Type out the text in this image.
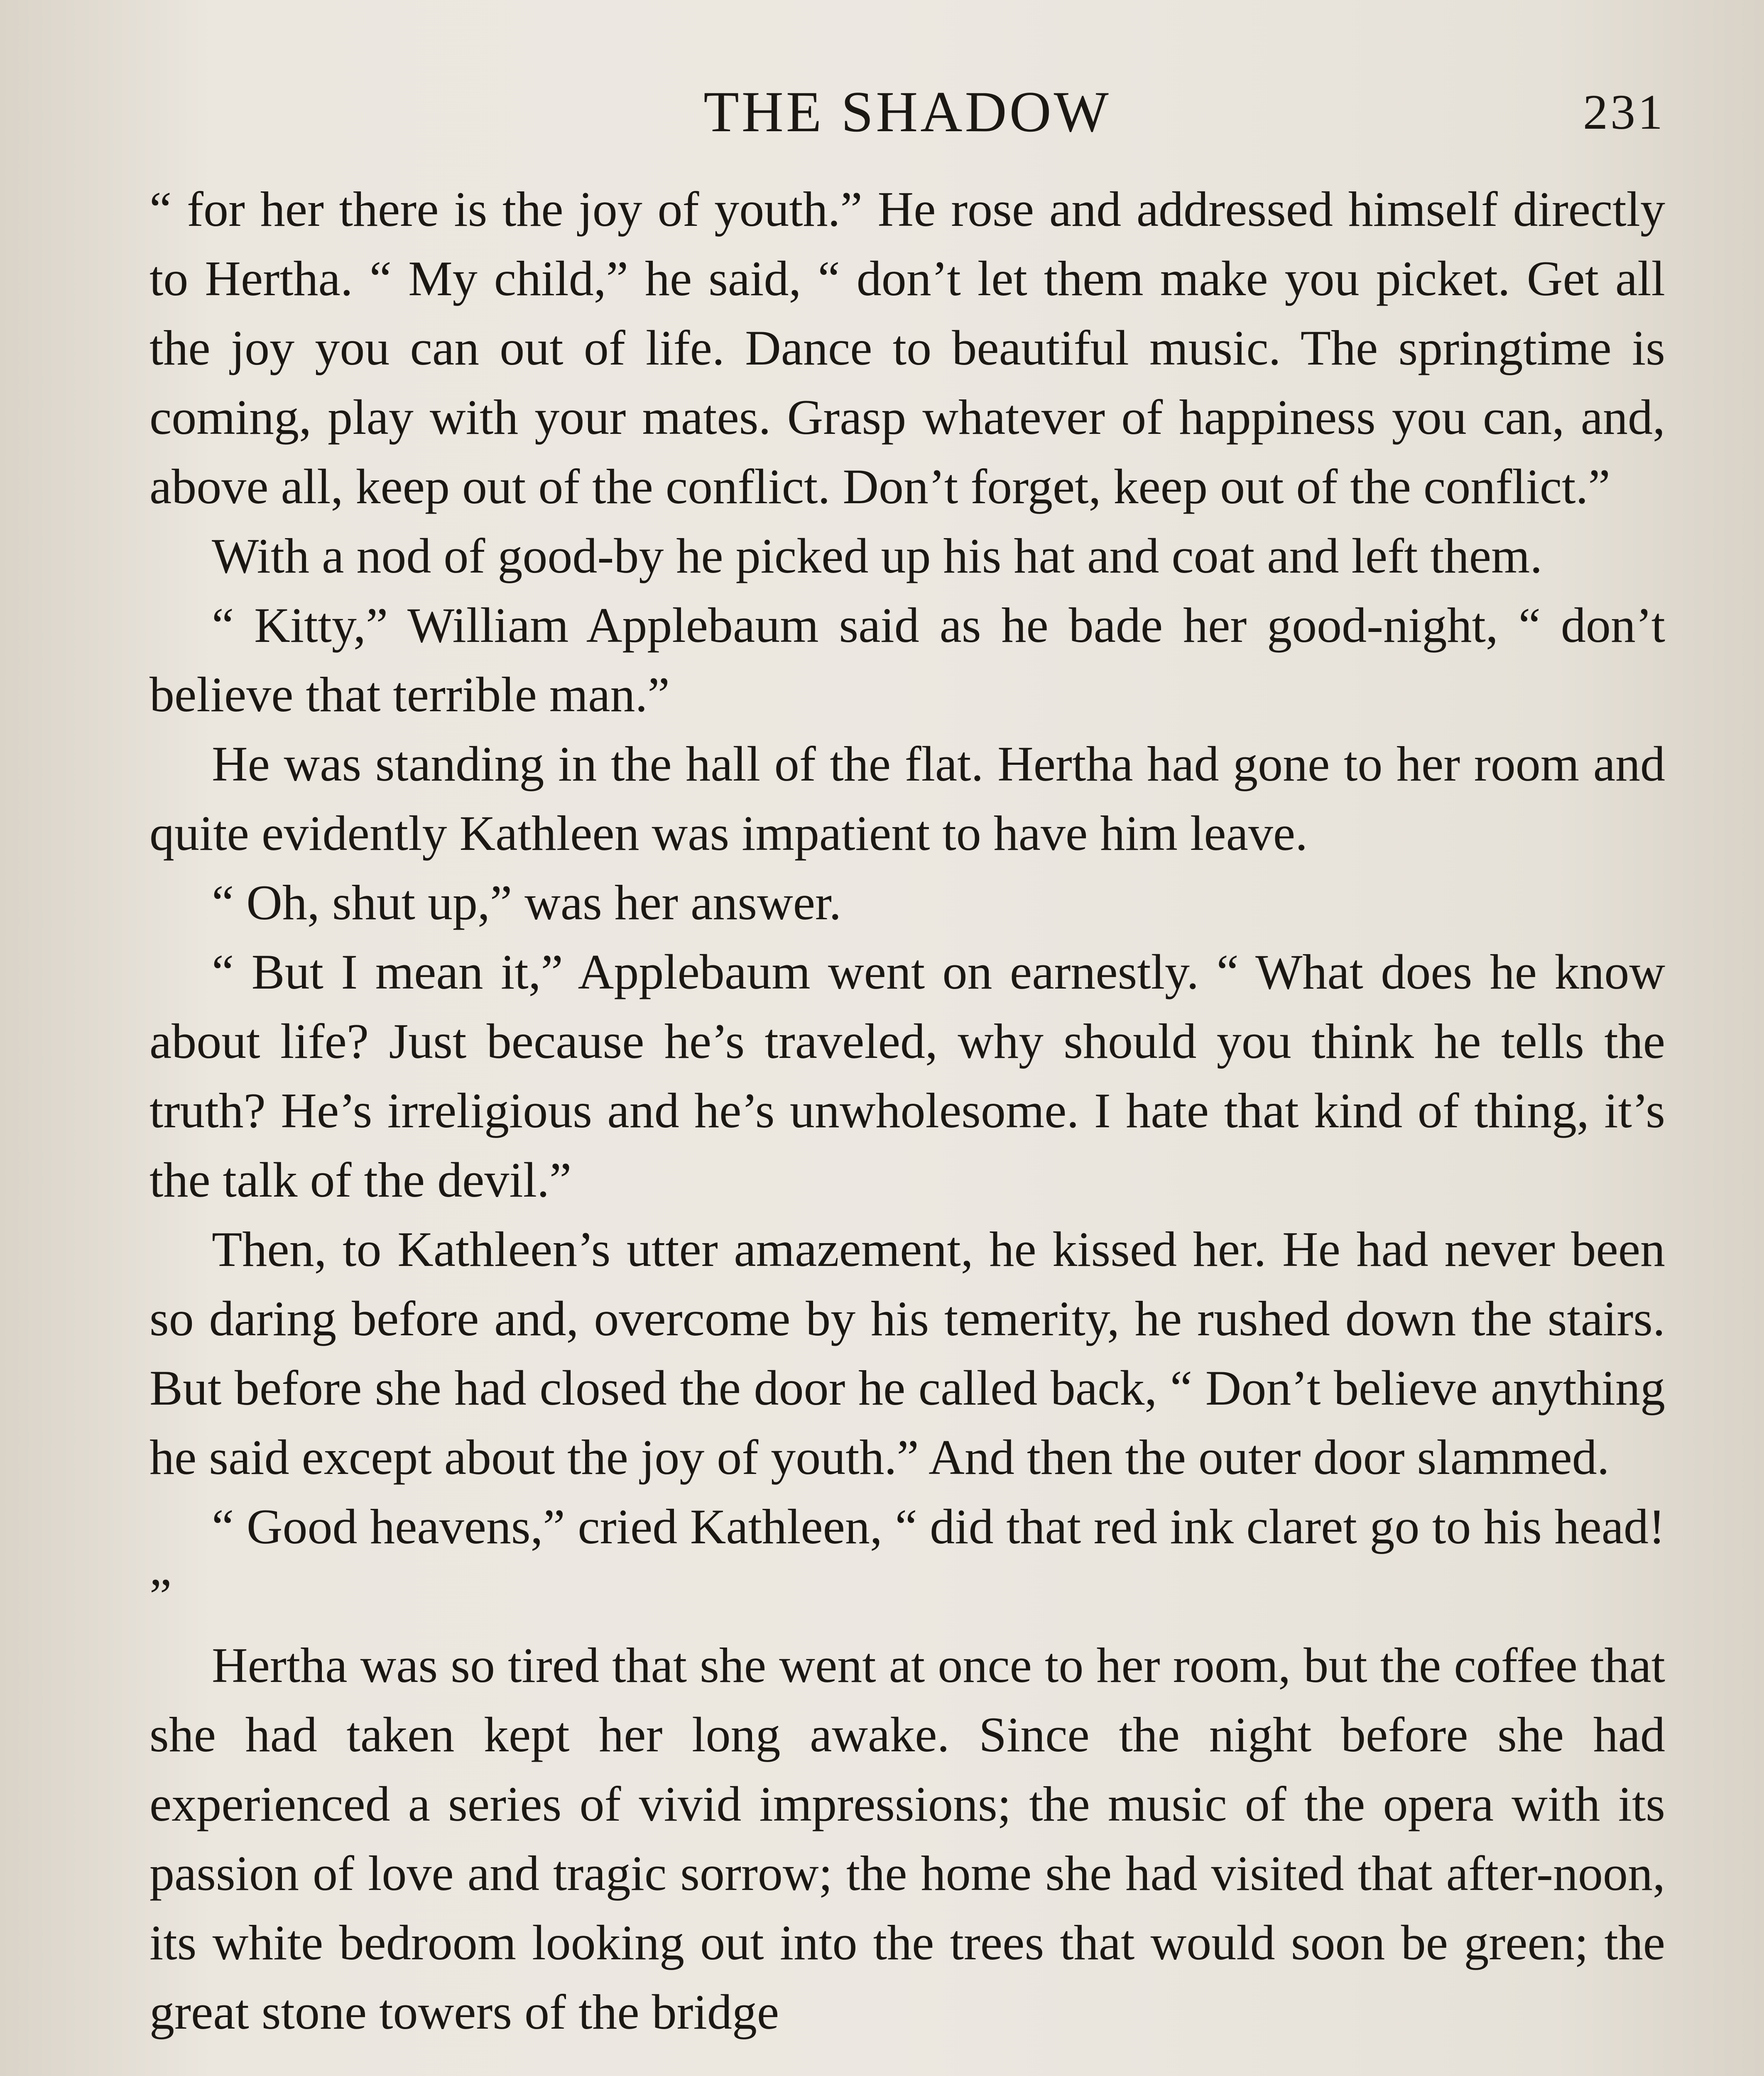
THE SHADOW	231

“ for her there is the joy of youth.” He rose and addressed himself directly to Hertha. “ My child,” he said, “ don’t let them make you picket. Get all the joy you can out of life. Dance to beautiful music. The springtime is coming, play with your mates. Grasp whatever of happiness you can, and, above all, keep out of the conflict. Don’t forget, keep out of the conflict.”

With a nod of good-by he picked up his hat and coat and left them.

“ Kitty,” William Applebaum said as he bade her good-night, “ don’t believe that terrible man.”

He was standing in the hall of the flat. Hertha had gone to her room and quite evidently Kathleen was impatient to have him leave.

“ Oh, shut up,” was her answer.

“ But I mean it,” Applebaum went on earnestly. “ What does he know about life? Just because he’s traveled, why should you think he tells the truth? He’s irreligious and he’s unwholesome. I hate that kind of thing, it’s the talk of the devil.”

Then, to Kathleen’s utter amazement, he kissed her. He had never been so daring before and, overcome by his temerity, he rushed down the stairs. But before she had closed the door he called back, “ Don’t believe anything he said except about the joy of youth.” And then the outer door slammed.

“ Good heavens,” cried Kathleen, “ did that red ink claret go to his head! ”

Hertha was so tired that she went at once to her room, but the coffee that she had taken kept her long awake. Since the night before she had experienced a series of vivid impressions; the music of the opera with its passion of love and tragic sorrow; the home she had visited that after-noon, its white bedroom looking out into the trees that would soon be green; the great stone towers of the bridge
